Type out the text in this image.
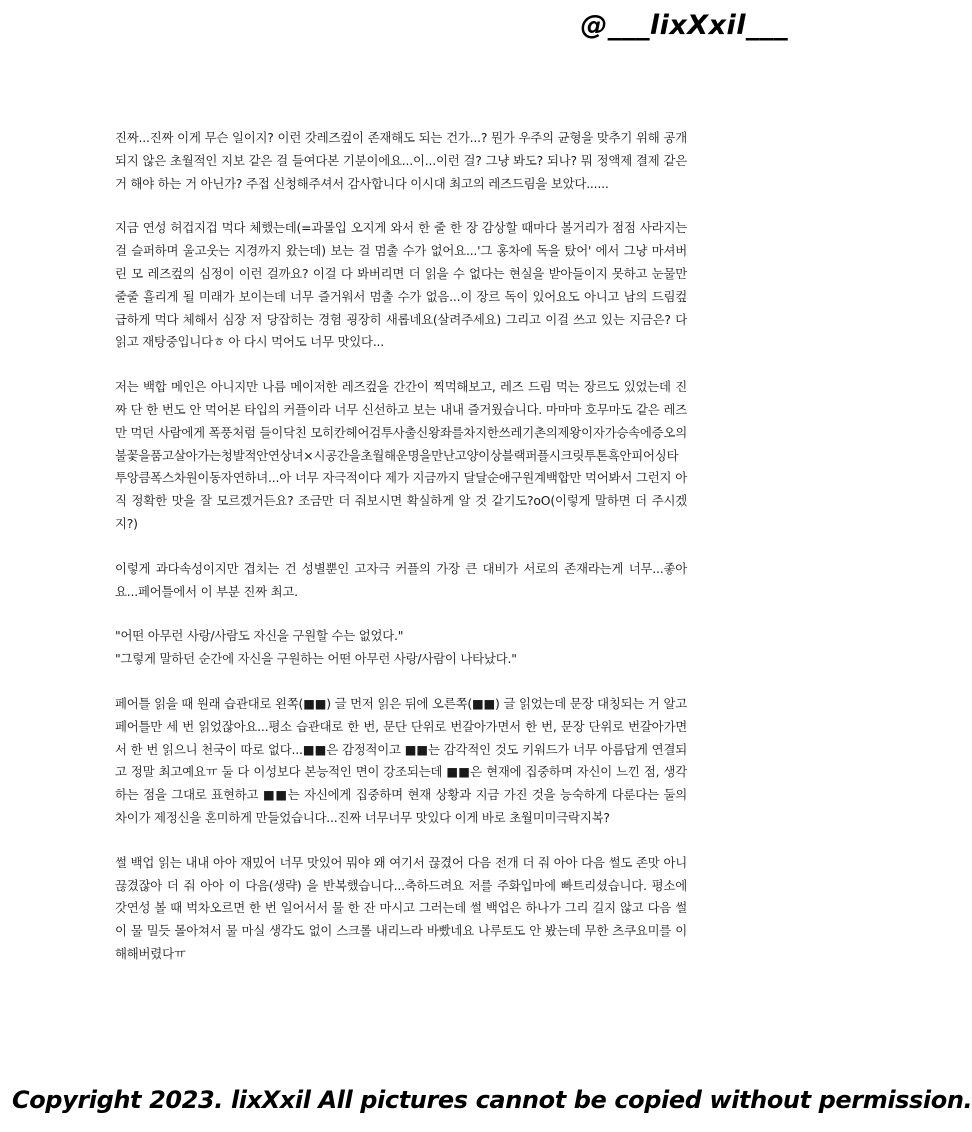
@___lixXxil___

진짜...진짜 이게 무슨 일이지? 이런 갓레즈컾이 존재해도 되는 건가...? 뭔가 우주의 균형을 맞추기 위해 공개되지 않은 초월적인 지보 같은 걸 들여다본 기분이에요...이...이런 걸? 그냥 봐도? 되나? 뭐 정액제 결제 같은 거 해야 하는 거 아닌가? 주접 신청해주셔서 감사합니다 이시대 최고의 레즈드림을 보았다......

지금 연성 허겁지겁 먹다 체했는데(=과몰입 오지게 와서 한 줄 한 장 감상할 때마다 볼거리가 점점 사라지는 걸 슬퍼하며 울고웃는 지경까지 왔는데) 보는 걸 멈출 수가 없어요...'그 홍차에 독을 탔어' 에서 그냥 마셔버린 모 레즈컾의 심정이 이런 걸까요? 이걸 다 봐버리면 더 읽을 수 없다는 현실을 받아들이지 못하고 눈물만 줄줄 흘리게 될 미래가 보이는데 너무 즐거워서 멈출 수가 없음...이 장르 독이 있어요도 아니고 남의 드림컾 급하게 먹다 체해서 심장 저 당잡히는 경험 굉장히 새롭네요(살려주세요) 그리고 이걸 쓰고 있는 지금은? 다 읽고 재탕중입니다ㅎ 아 다시 먹어도 너무 맛있다...

저는 백합 메인은 아니지만 나름 메이저한 레즈컾을 간간이 찍먹해보고, 레즈 드림 먹는 장르도 있었는데 진짜 단 한 번도 안 먹어본 타입의 커플이라 너무 신선하고 보는 내내 즐거웠습니다. 마마마 호무마도 같은 레즈만 먹던 사람에게 폭풍처럼 들이닥친 모히칸헤어검투사출신왕좌를차지한쓰레기촌의제왕이자가승속에증오의불꽃을품고살아가는청발적안연상녀×시공간을초월해운명을만난고양이상블랙퍼플시크릿투톤흑안피어싱타투앙큼폭스차원이동자연하녀...아 너무 자극적이다 제가 지금까지 달달순애구원계백합만 먹어봐서 그런지 아직 정확한 맛을 잘 모르겠거든요? 조금만 더 줘보시면 확실하게 알 것 같기도?oO(이렇게 말하면 더 주시겠지?)

이렇게 과다속성이지만 겹치는 건 성별뿐인 고자극 커플의 가장 큰 대비가 서로의 존재라는게 너무...좋아요...페어틀에서 이 부분 진짜 최고.

"어떤 아무런 사랑/사람도 자신을 구원할 수는 없었다."

"그렇게 말하던 순간에 자신을 구원하는 어떤 아무런 사랑/사람이 나타났다."

페어틀 읽을 때 원래 습관대로 왼쪽(■■) 글 먼저 읽은 뒤에 오른쪽(■■) 글 읽었는데 문장 대칭되는 거 알고 페어틀만 세 번 읽었잖아요...평소 습관대로 한 번, 문단 단위로 번갈아가면서 한 번, 문장 단위로 번갈아가면서 한 번 읽으니 천국이 따로 없다...■■은 감정적이고 ■■는 감각적인 것도 키워드가 너무 아름답게 연결되고 정말 최고예요ㅠ 둘 다 이성보다 본능적인 면이 강조되는데 ■■은 현재에 집중하며 자신이 느낀 점, 생각하는 점을 그대로 표현하고 ■■는 자신에게 집중하며 현재 상황과 지금 가진 것을 능숙하게 다룬다는 둘의 차이가 제정신을 혼미하게 만들었습니다...진짜 너무너무 맛있다 이게 바로 초월미미극락지복?

썰 백업 읽는 내내 아아 재밌어 너무 맛있어 뭐야 왜 여기서 끊겼어 다음 전개 더 줘 아아 다음 썰도 존맛 아니 끊겼잖아 더 줘 아아 이 다음(생략) 을 반복했습니다...축하드려요 저를 주화입마에 빠트리셨습니다. 평소에 갓연성 볼 때 벅차오르면 한 번 일어서서 물 한 잔 마시고 그러는데 썰 백업은 하나가 그리 길지 않고 다음 썰이 물 밀듯 몰아쳐서 물 마실 생각도 없이 스크롤 내리느라 바빴네요 나루토도 안 봤는데 무한 츠쿠요미를 이해해버렸다ㅠ

Copyright 2023. lixXxil All pictures cannot be copied without permission.
